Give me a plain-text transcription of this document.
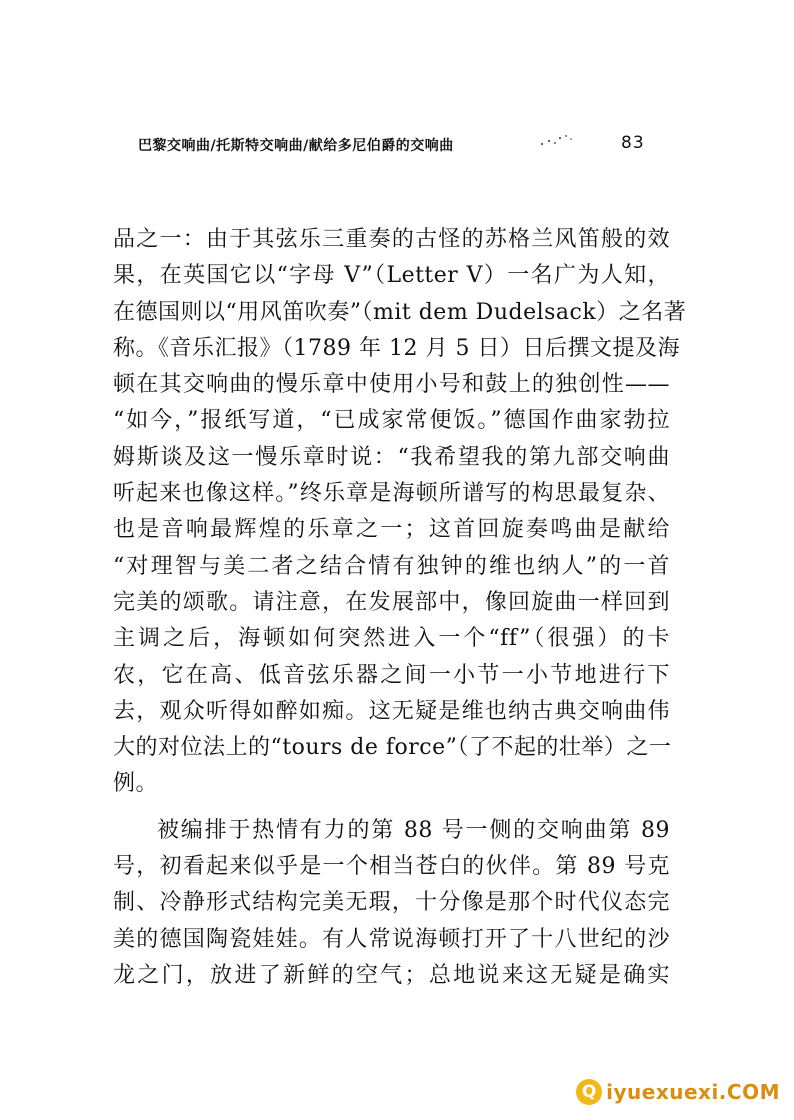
巴黎交响曲/托斯特交响曲/献给多尼伯爵的交响曲	83
品之一：由于其弦乐三重奏的古怪的苏格兰风笛般的效
果，在英国它以“字母 V”（Letter V）一名广为人知，
在德国则以“用风笛吹奏”（mit dem Dudelsack）之名著
称。《音乐汇报》（1789 年 12 月 5 日）日后撰文提及海
顿在其交响曲的慢乐章中使用小号和鼓上的独创性——
“如今，”报纸写道，“已成家常便饭。”德国作曲家勃拉
姆斯谈及这一慢乐章时说：“我希望我的第九部交响曲
听起来也像这样。”终乐章是海顿所谱写的构思最复杂、
也是音响最辉煌的乐章之一；这首回旋奏鸣曲是献给
“对理智与美二者之结合情有独钟的维也纳人”的一首
完美的颂歌。请注意，在发展部中，像回旋曲一样回到
主调之后，海顿如何突然进入一个“ff”（很强）的卡
农，它在高、低音弦乐器之间一小节一小节地进行下
去，观众听得如醉如痴。这无疑是维也纳古典交响曲伟
大的对位法上的“tours de force”（了不起的壮举）之一
例。
被编排于热情有力的第 88 号一侧的交响曲第 89
号，初看起来似乎是一个相当苍白的伙伴。第 89 号克
制、冷静形式结构完美无瑕，十分像是那个时代仪态完
美的德国陶瓷娃娃。有人常说海顿打开了十八世纪的沙
龙之门，放进了新鲜的空气；总地说来这无疑是确实
Q iyuexuexi.COM
